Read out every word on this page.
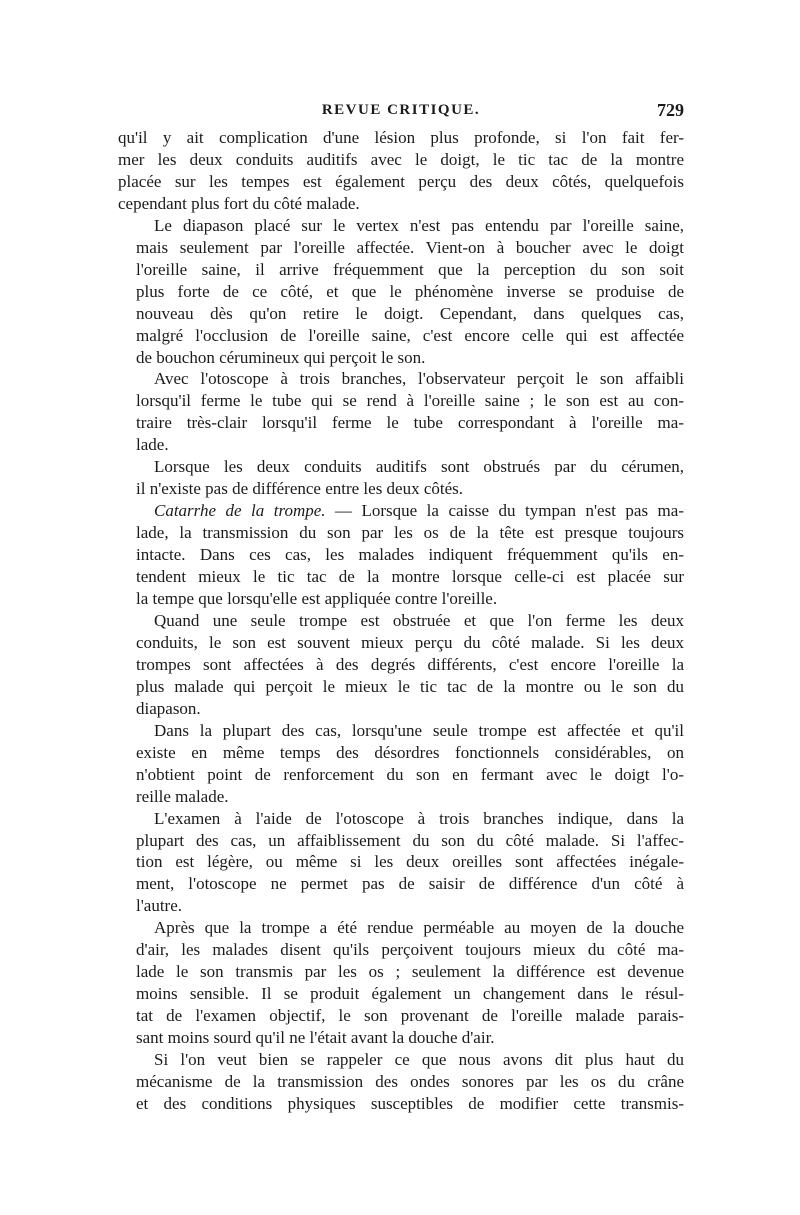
REVUE CRITIQUE.	729
qu'il y ait complication d'une lésion plus profonde, si l'on fait fer-
mer les deux conduits auditifs avec le doigt, le tic tac de la montre
placée sur les tempes est également perçu des deux côtés, quelquefois
cependant plus fort du côté malade.
Le diapason placé sur le vertex n'est pas entendu par l'oreille saine,
mais seulement par l'oreille affectée. Vient-on à boucher avec le doigt
l'oreille saine, il arrive fréquemment que la perception du son soit
plus forte de ce côté, et que le phénomène inverse se produise de
nouveau dès qu'on retire le doigt. Cependant, dans quelques cas,
malgré l'occlusion de l'oreille saine, c'est encore celle qui est affectée
de bouchon cérumineux qui perçoit le son.
Avec l'otoscope à trois branches, l'observateur perçoit le son affaibli
lorsqu'il ferme le tube qui se rend à l'oreille saine ; le son est au con-
traire très-clair lorsqu'il ferme le tube correspondant à l'oreille ma-
lade.
Lorsque les deux conduits auditifs sont obstrués par du cérumen,
il n'existe pas de différence entre les deux côtés.
Catarrhe de la trompe. — Lorsque la caisse du tympan n'est pas ma-
lade, la transmission du son par les os de la tête est presque toujours
intacte. Dans ces cas, les malades indiquent fréquemment qu'ils en-
tendent mieux le tic tac de la montre lorsque celle-ci est placée sur
la tempe que lorsqu'elle est appliquée contre l'oreille.
Quand une seule trompe est obstruée et que l'on ferme les deux
conduits, le son est souvent mieux perçu du côté malade. Si les deux
trompes sont affectées à des degrés différents, c'est encore l'oreille la
plus malade qui perçoit le mieux le tic tac de la montre ou le son du
diapason.
Dans la plupart des cas, lorsqu'une seule trompe est affectée et qu'il
existe en même temps des désordres fonctionnels considérables, on
n'obtient point de renforcement du son en fermant avec le doigt l'o-
reille malade.
L'examen à l'aide de l'otoscope à trois branches indique, dans la
plupart des cas, un affaiblissement du son du côté malade. Si l'affec-
tion est légère, ou même si les deux oreilles sont affectées inégale-
ment, l'otoscope ne permet pas de saisir de différence d'un côté à
l'autre.
Après que la trompe a été rendue perméable au moyen de la douche
d'air, les malades disent qu'ils perçoivent toujours mieux du côté ma-
lade le son transmis par les os ; seulement la différence est devenue
moins sensible. Il se produit également un changement dans le résul-
tat de l'examen objectif, le son provenant de l'oreille malade parais-
sant moins sourd qu'il ne l'était avant la douche d'air.
Si l'on veut bien se rappeler ce que nous avons dit plus haut du
mécanisme de la transmission des ondes sonores par les os du crâne
et des conditions physiques susceptibles de modifier cette transmis-
